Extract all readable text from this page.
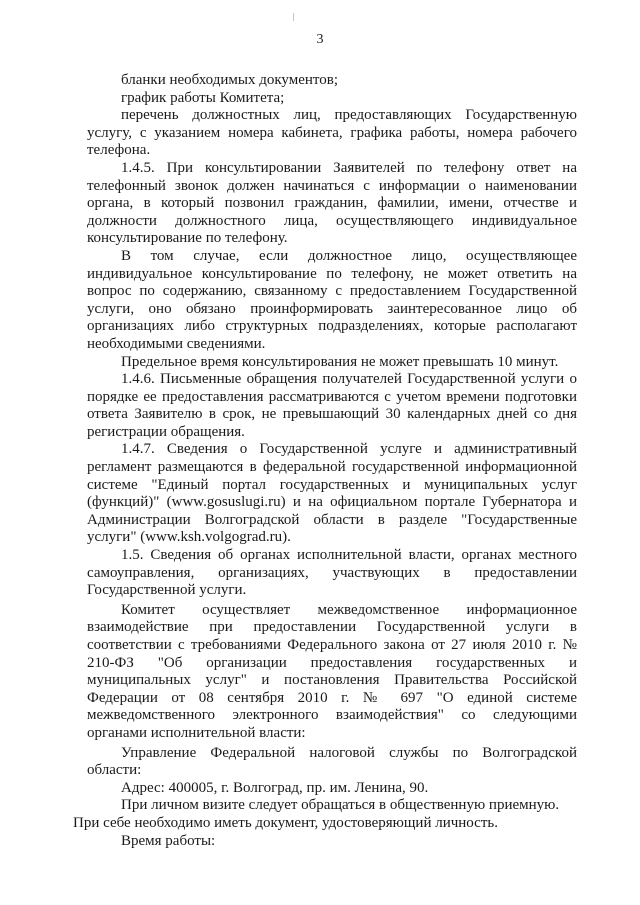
3

бланки необходимых документов;

график работы Комитета;

перечень должностных лиц, предоставляющих Государственную услугу, с указанием номера кабинета, графика работы, номера рабочего телефона.

1.4.5. При консультировании Заявителей по телефону ответ на телефонный звонок должен начинаться с информации о наименовании органа, в который позвонил гражданин, фамилии, имени, отчестве и должности должностного лица, осуществляющего индивидуальное консультирование по телефону.

В том случае, если должностное лицо, осуществляющее индивидуальное консультирование по телефону, не может ответить на вопрос по содержанию, связанному с предоставлением Государственной услуги, оно обязано проинформировать заинтересованное лицо об организациях либо структурных подразделениях, которые располагают необходимыми сведениями.

Предельное время консультирования не может превышать 10 минут.

1.4.6. Письменные обращения получателей Государственной услуги о порядке ее предоставления рассматриваются с учетом времени подготовки ответа Заявителю в срок, не превышающий 30 календарных дней со дня регистрации обращения.

1.4.7. Сведения о Государственной услуге и административный регламент размещаются в федеральной государственной информационной системе "Единый портал государственных и муниципальных услуг (функций)" (www.gosuslugi.ru) и на официальном портале Губернатора и Администрации Волгоградской области в разделе "Государственные услуги" (www.ksh.volgograd.ru).

1.5. Сведения об органах исполнительной власти, органах местного самоуправления, организациях, участвующих в предоставлении Государственной услуги.

Комитет осуществляет межведомственное информационное взаимодействие при предоставлении Государственной услуги в соответствии с требованиями Федерального закона от 27 июля 2010 г. № 210-ФЗ "Об организации предоставления государственных и муниципальных услуг" и постановления Правительства Российской Федерации от 08 сентября 2010 г. № 697 "О единой системе межведомственного электронного взаимодействия" со следующими органами исполнительной власти:

Управление Федеральной налоговой службы по Волгоградской области:

Адрес: 400005, г. Волгоград, пр. им. Ленина, 90.

При личном визите следует обращаться в общественную приемную.

При себе необходимо иметь документ, удостоверяющий личность.

Время работы:
